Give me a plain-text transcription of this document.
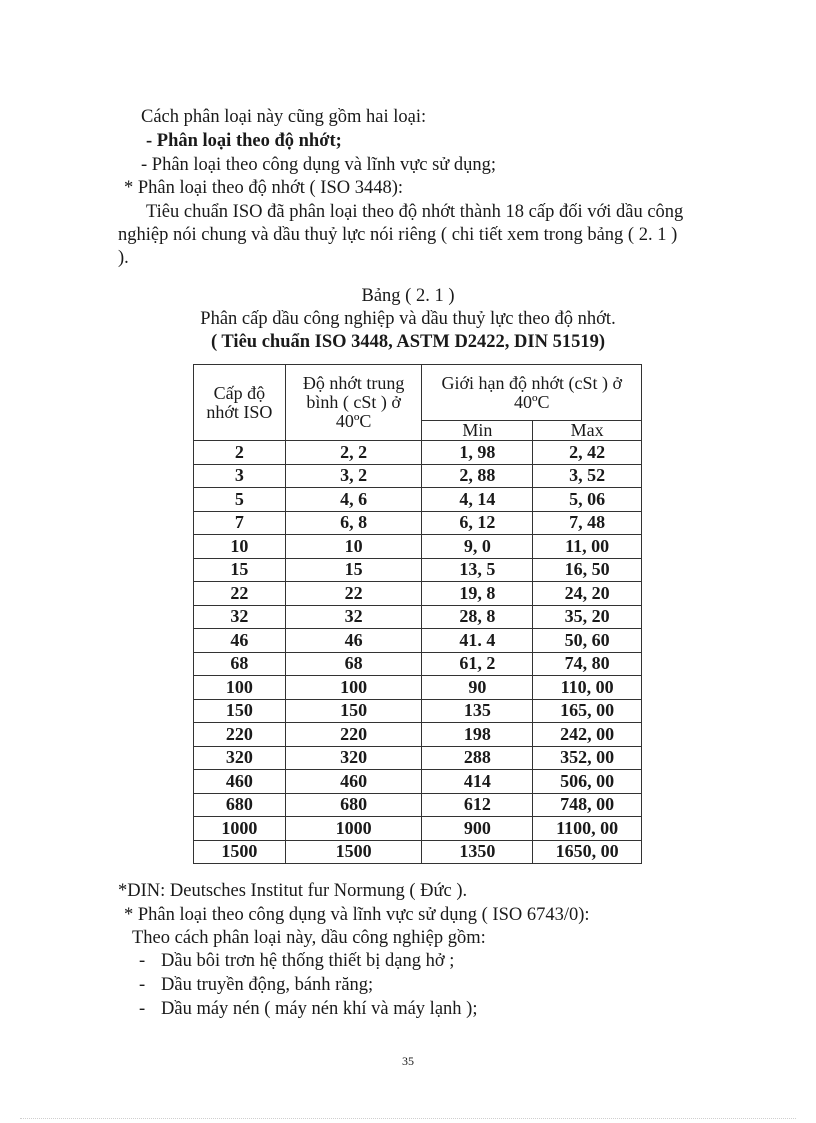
Cách phân loại này cũng gồm hai loại:
- Phân loại theo độ nhớt;
- Phân loại theo công dụng và lĩnh vực sử dụng;
* Phân loại theo độ nhớt ( ISO 3448):
Tiêu chuẩn ISO đã phân loại theo độ nhớt thành 18 cấp đối với dầu công
nghiệp nói chung và dầu thuỷ lực nói riêng ( chi tiết xem trong bảng ( 2. 1 )
).
Bảng ( 2. 1 )
Phân cấp dầu công nghiệp và dầu thuỷ lực theo độ nhớt.
( Tiêu chuẩn ISO 3448, ASTM D2422, DIN 51519)
Cấp độ
nhớt ISO	Độ nhớt trung
bình ( cSt ) ở
40ºC	Giới hạn độ nhớt (cSt ) ở
40ºC	
		Min	Max
2	2, 2	1, 98	2, 42
3	3, 2	2, 88	3, 52
5	4, 6	4, 14	5, 06
7	6, 8	6, 12	7, 48
10	10	9, 0	11, 00
15	15	13, 5	16, 50
22	22	19, 8	24, 20
32	32	28, 8	35, 20
46	46	41. 4	50, 60
68	68	61, 2	74, 80
100	100	90	110, 00
150	150	135	165, 00
220	220	198	242, 00
320	320	288	352, 00
460	460	414	506, 00
680	680	612	748, 00
1000	1000	900	1100, 00
1500	1500	1350	1650, 00
*DIN: Deutsches Institut fur Normung ( Đức ).
* Phân loại theo công dụng và lĩnh vực sử dụng ( ISO 6743/0):
Theo cách phân loại này, dầu công nghiệp gồm:
- Dầu bôi trơn hệ thống thiết bị dạng hở ;
- Dầu truyền động, bánh răng;
- Dầu máy nén ( máy nén khí và máy lạnh );
35
